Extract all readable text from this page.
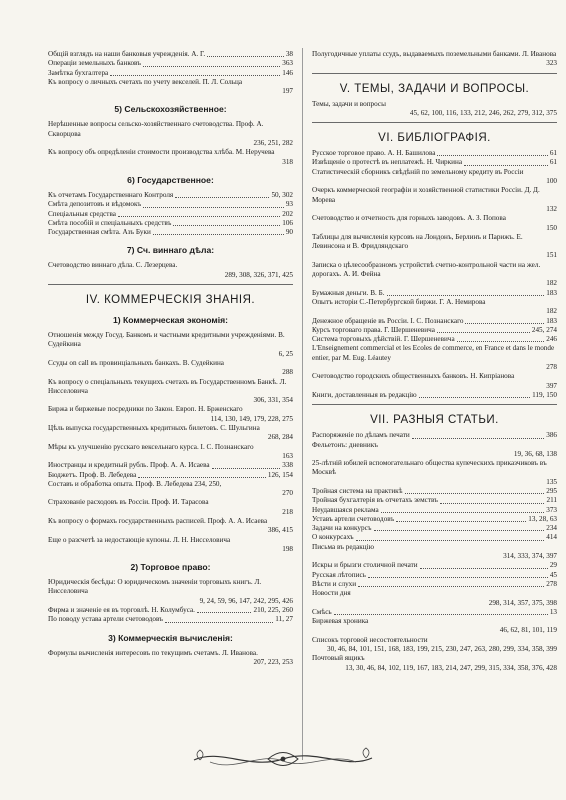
Общій взглядъ на наши банковыя учрежденія. А. Г.	38
Операціи земельныхъ банковъ	363
Замѣтка бухгалтера	146
Къ вопросу о личныхъ счетахъ по учету векселей. П. Л. Сольца
197
5) Сельскохозяйственное:
Нерѣшенные вопросы сельско-хозяйственнаго счетоводства. Проф. А. Скворцова
236, 251, 282
Къ вопросу объ опредѣленіи стоимости производства хлѣба. М. Неручева
318
6) Государственное:
Къ отчетамъ Государственнаго Контроля	50, 302
Смѣта депозитовъ и вѣдомокъ	93
Спеціальныя средства	202
Смѣта пособій и спеціальныхъ средствъ	106
Государственная смѣта. Азъ Буки	90
7) Сч. виннаго дѣла:
Счетоводство виннаго дѣла. С. Лезерцева.
289, 308, 326, 371, 425
IV. КОММЕРЧЕСКІЯ ЗНАНІЯ.
1) Коммерческая экономія:
Отношенія между Госуд. Банкомъ и частными кредитными учрежденіями. В. Судейкина
6, 25
Ссуды on call въ провинціальныхъ банкахъ. В. Судейкина
288
Къ вопросу о спеціальныхъ текущихъ счетахъ въ Государственномъ Банкѣ. Л. Нисселовича
306, 331, 354
Биржа и биржевые посредники по Закон. Европ. Н. Брженскаго
114, 130, 149, 179, 228, 275
Цѣль выпуска государственныхъ кредитныхъ билетовъ. С. Шульгина
268, 284
Мѣры къ улучшенію русскаго вексельнаго курса. I. С. Познанскаго
163
Иностранцы и кредитный рубль. Проф. А. А. Исаева	338
Бюджетъ. Проф. В. Лебедева	126, 154
Составъ и обработка опыта. Проф. В. Лебедева 234, 250,
270
Страхованіе расходовъ въ Россіи. Проф. И. Тарасова
218
Къ вопросу о формахъ государственныхъ расписей. Проф. А. А. Исаева
386, 415
Еще о разсчетѣ за недостающіе купоны. Л. Н. Нисселовича
198
2) Торговое право:
Юридическія бесѣды: О юридическомъ значеніи торговыхъ книгъ. Л. Нисселовича
9, 24, 59, 96, 147, 242, 295, 426
Фирма и значеніе ея въ торговлѣ. Н. Колумбуса.	210, 225, 260
По поводу устава артели счетоводовъ	11, 27
3) Коммерческія вычисленія:
Формулы вычисленія интересовъ по текущимъ счетамъ. Л. Иванова.
207, 223, 253
Полугодичные уплаты ссудъ, выдаваемыхъ поземельными банками. Л. Иванова
323
V. ТЕМЫ, ЗАДАЧИ И ВОПРОСЫ.
Темы, задачи и вопросы
45, 62, 100, 116, 133, 212, 246, 262, 279, 312, 375
VI. БИБЛІОГРАФІЯ.
Русское торговое право. А. Н. Башилова	61
Извѣщеніе о протестѣ въ неплатежѣ. Н. Чиркина	61
Статистическій сборникъ свѣдѣній по земельному кредиту въ Россіи
100
Очеркъ коммерческой географіи и хозяйственной статистики Россіи. Д. Д. Морева
132
Счетоводство и отчетность для горныхъ заводовъ. А. З. Попова
150
Таблицы для вычисленія курсовъ на Лондонъ, Берлинъ и Парижъ. Е. Левинсона и В. Фридляндскаго
151
Записка о цѣлесообразномъ устройствѣ счетно-контрольной части на жел. дорогахъ. А. И. Фейна
182
Бумажныя деньги. В. Б.	183
Опытъ исторіи С.-Петербургской биржи. Г. А. Немирова
182
Денежное обращеніе въ Россіи. I. С. Познанскаго	183
Курсъ торговаго права. Г. Шершеневича	245, 274
Система торговыхъ дѣйствій. Г. Шершеневича	246
L'Enseignement commercial et les Ecoles de commerce, en France et dans le monde entier, par M. Eug. Léautey
278
Счетоводство городскихъ общественныхъ банковъ. Н. Кипріанова
397
Книги, доставленныя въ редакцію	119, 150
VII. РАЗНЫЯ СТАТЬИ.
Распоряженіе по дѣламъ печати	386
Фельетонъ: дневникъ
19, 36, 68, 138
25-лѣтній юбилей вспомогательнаго общества купеческихъ приказчиковъ въ Москвѣ
135
Тройная система на практикѣ	295
Тройная бухгалтерія въ отчетахъ земствъ	211
Неудавшаяся реклама	373
Уставъ артели счетоводовъ	13, 28, 63
Задачи на конкурсъ	234
О конкурсахъ	414
Письма въ редакцію
314, 333, 374, 397
Искры и брызги столичной печати	29
Русская лѣтопись	45
Вѣсти и слухи	278
Новости дня
298, 314, 357, 375, 398
Смѣсь	13
Биржевая хроника
46, 62, 81, 101, 119
Списокъ торговой несостоятельности
30, 46, 84, 101, 151, 168, 183, 199, 215, 230, 247, 263, 280, 299, 334, 358, 399
Почтовый ящикъ
13, 30, 46, 84, 102, 119, 167, 183, 214, 247, 299, 315, 334, 358, 376, 428
